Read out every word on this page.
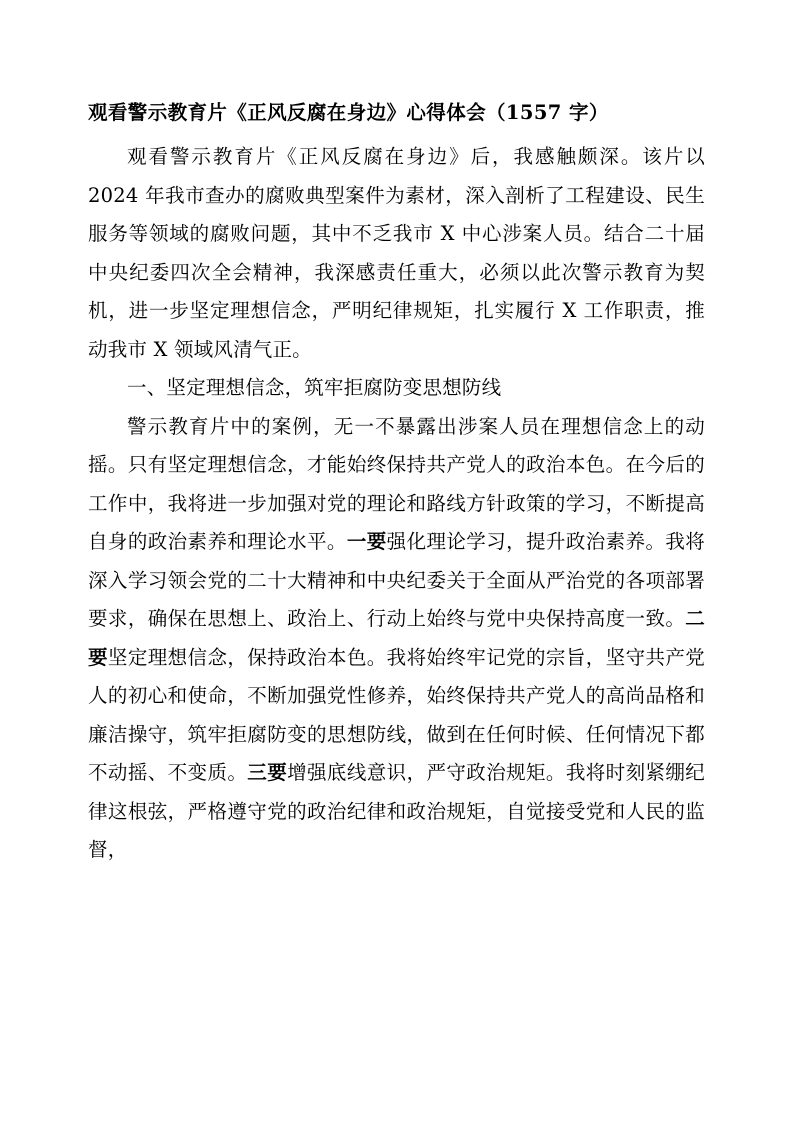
观看警示教育片《正风反腐在身边》心得体会（1557 字）

观看警示教育片《正风反腐在身边》后，我感触颇深。该片以 2024 年我市查办的腐败典型案件为素材，深入剖析了工程建设、民生服务等领域的腐败问题，其中不乏我市 X 中心涉案人员。结合二十届中央纪委四次全会精神，我深感责任重大，必须以此次警示教育为契机，进一步坚定理想信念，严明纪律规矩，扎实履行 X 工作职责，推动我市 X 领域风清气正。

一、坚定理想信念，筑牢拒腐防变思想防线

警示教育片中的案例，无一不暴露出涉案人员在理想信念上的动摇。只有坚定理想信念，才能始终保持共产党人的政治本色。在今后的工作中，我将进一步加强对党的理论和路线方针政策的学习，不断提高自身的政治素养和理论水平。一要强化理论学习，提升政治素养。我将深入学习领会党的二十大精神和中央纪委关于全面从严治党的各项部署要求，确保在思想上、政治上、行动上始终与党中央保持高度一致。二要坚定理想信念，保持政治本色。我将始终牢记党的宗旨，坚守共产党人的初心和使命，不断加强党性修养，始终保持共产党人的高尚品格和廉洁操守，筑牢拒腐防变的思想防线，做到在任何时候、任何情况下都不动摇、不变质。三要增强底线意识，严守政治规矩。我将时刻紧绷纪律这根弦，严格遵守党的政治纪律和政治规矩，自觉接受党和人民的监督，
